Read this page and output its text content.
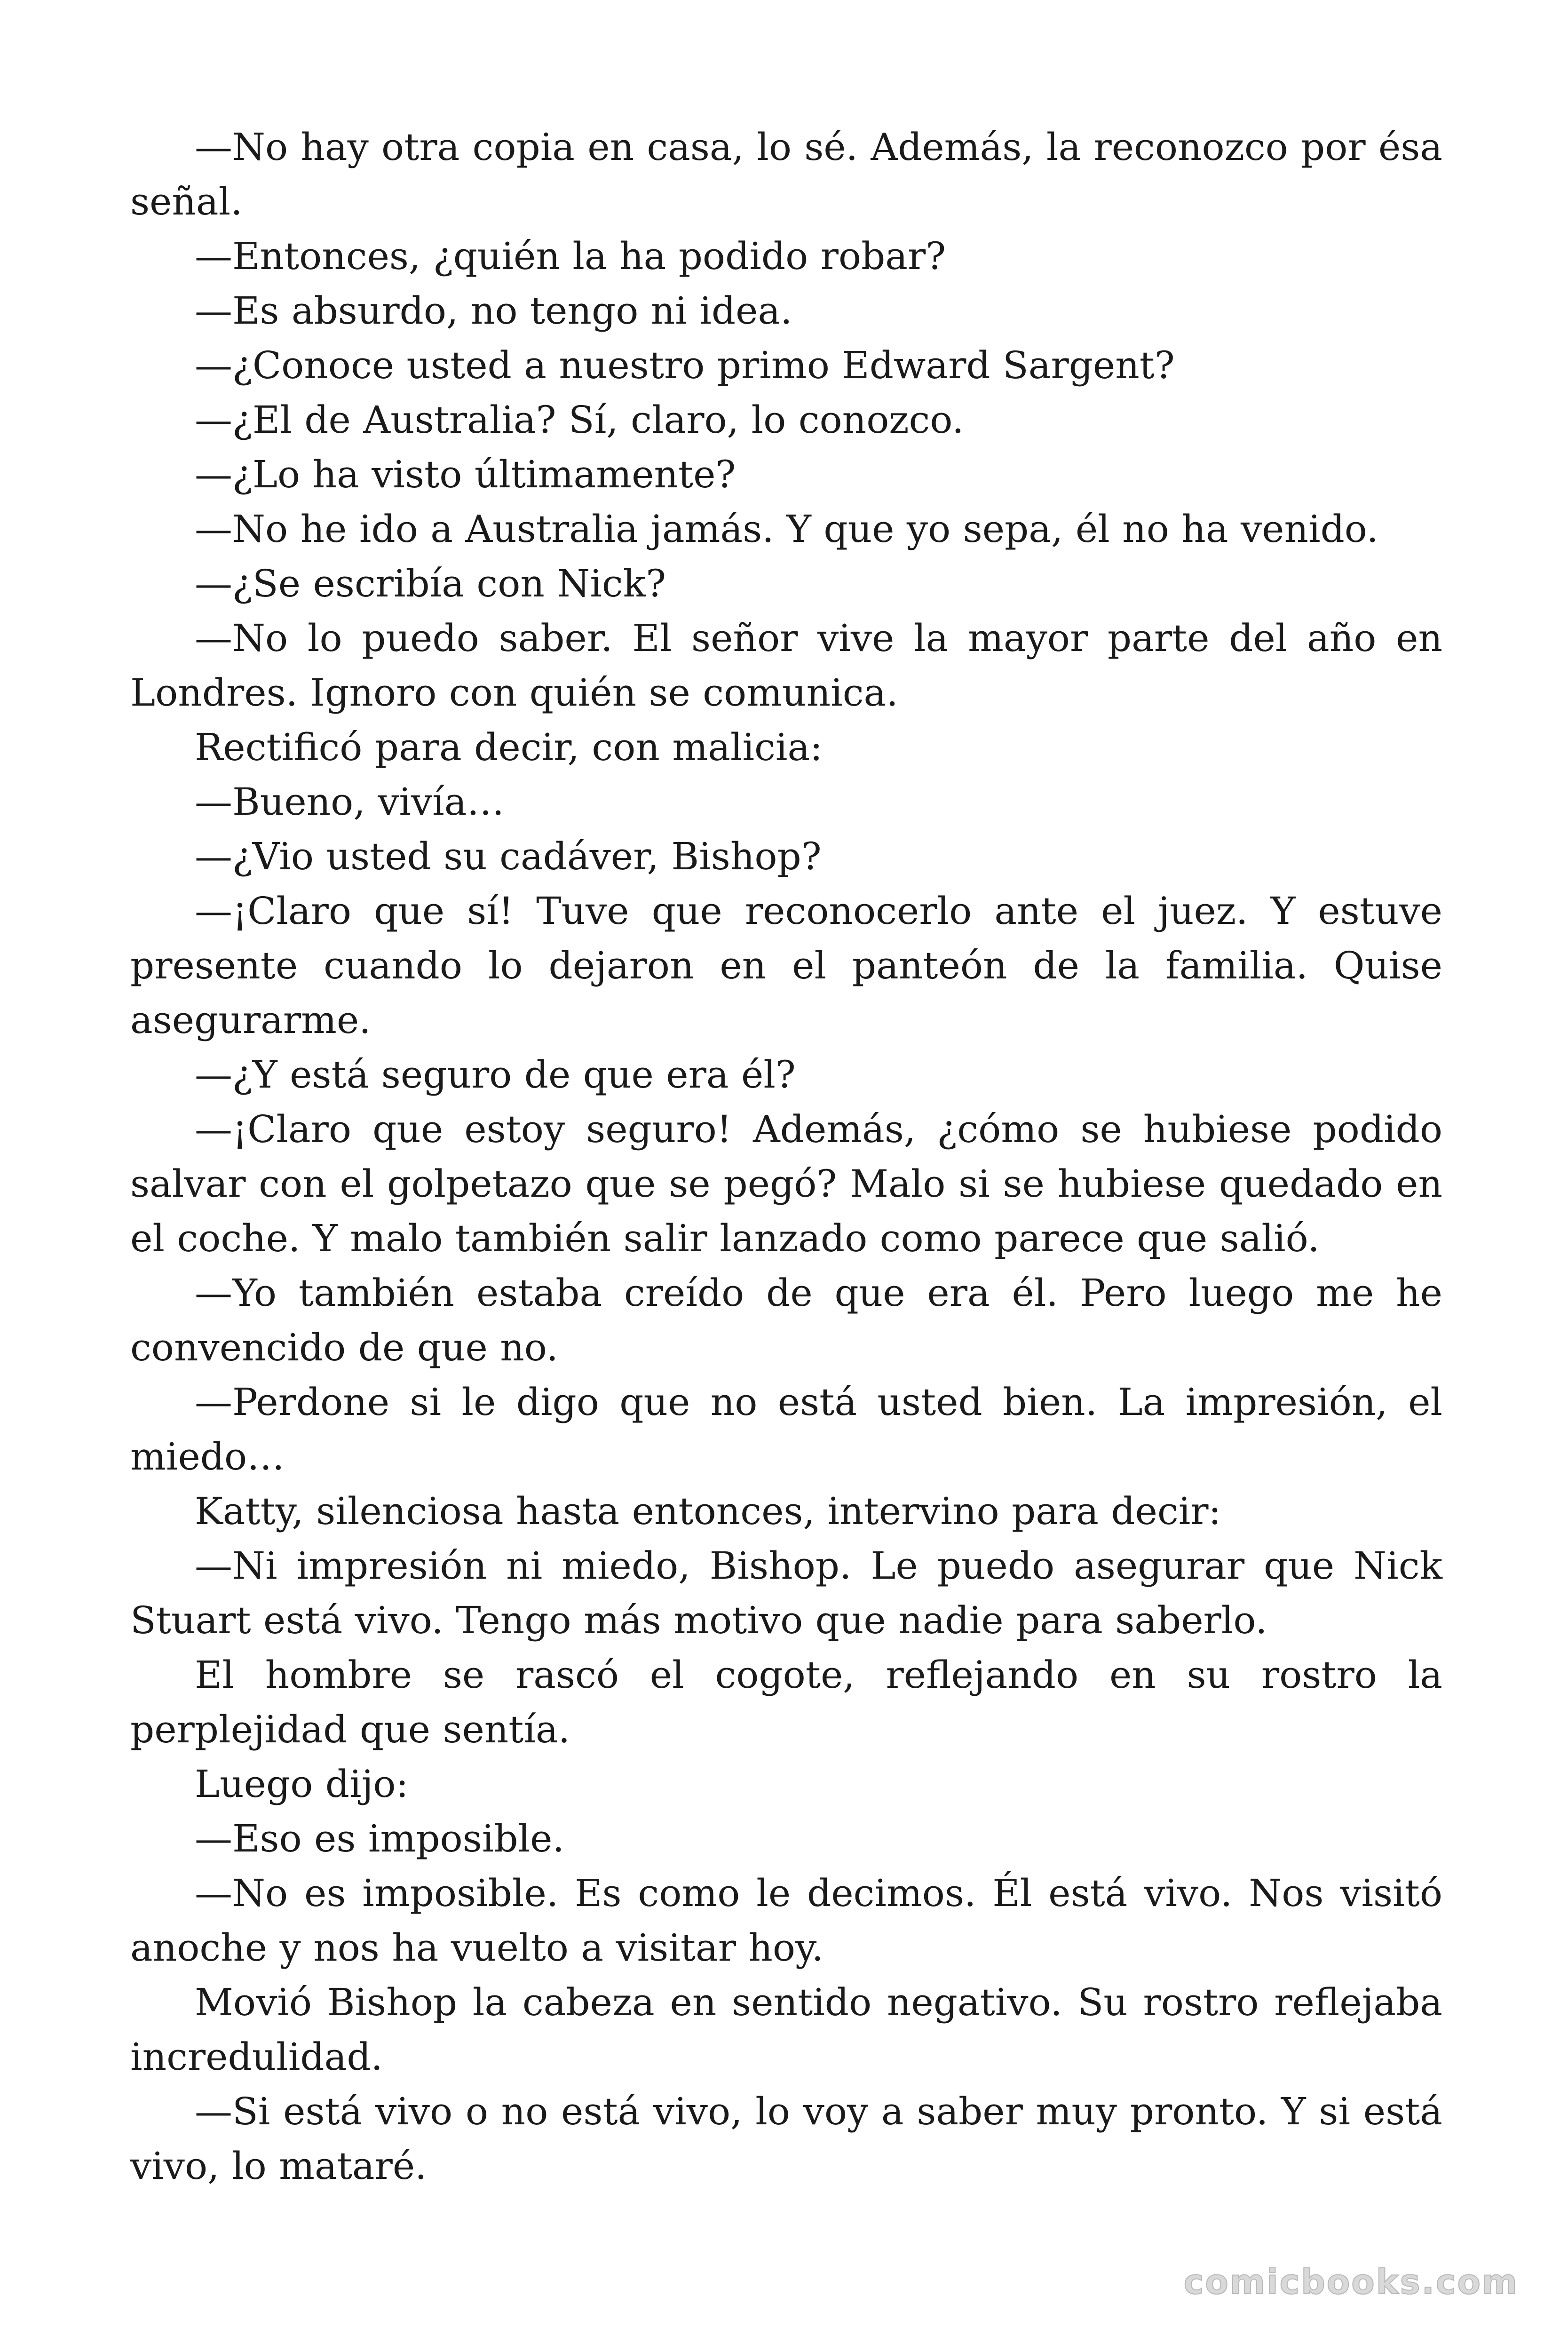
—No hay otra copia en casa, lo sé. Además, la reconozco por ésa señal.

—Entonces, ¿quién la ha podido robar?

—Es absurdo, no tengo ni idea.

—¿Conoce usted a nuestro primo Edward Sargent?

—¿El de Australia? Sí, claro, lo conozco.

—¿Lo ha visto últimamente?

—No he ido a Australia jamás. Y que yo sepa, él no ha venido.

—¿Se escribía con Nick?

—No lo puedo saber. El señor vive la mayor parte del año en Londres. Ignoro con quién se comunica.

Rectificó para decir, con malicia:

—Bueno, vivía…

—¿Vio usted su cadáver, Bishop?

—¡Claro que sí! Tuve que reconocerlo ante el juez. Y estuve presente cuando lo dejaron en el panteón de la familia. Quise asegurarme.

—¿Y está seguro de que era él?

—¡Claro que estoy seguro! Además, ¿cómo se hubiese podido salvar con el golpetazo que se pegó? Malo si se hubiese quedado en el coche. Y malo también salir lanzado como parece que salió.

—Yo también estaba creído de que era él. Pero luego me he convencido de que no.

—Perdone si le digo que no está usted bien. La impresión, el miedo…

Katty, silenciosa hasta entonces, intervino para decir:

—Ni impresión ni miedo, Bishop. Le puedo asegurar que Nick Stuart está vivo. Tengo más motivo que nadie para saberlo.

El hombre se rascó el cogote, reflejando en su rostro la perplejidad que sentía.

Luego dijo:

—Eso es imposible.

—No es imposible. Es como le decimos. Él está vivo. Nos visitó anoche y nos ha vuelto a visitar hoy.

Movió Bishop la cabeza en sentido negativo. Su rostro reflejaba incredulidad.

—Si está vivo o no está vivo, lo voy a saber muy pronto. Y si está vivo, lo mataré.

comicbooks.com
